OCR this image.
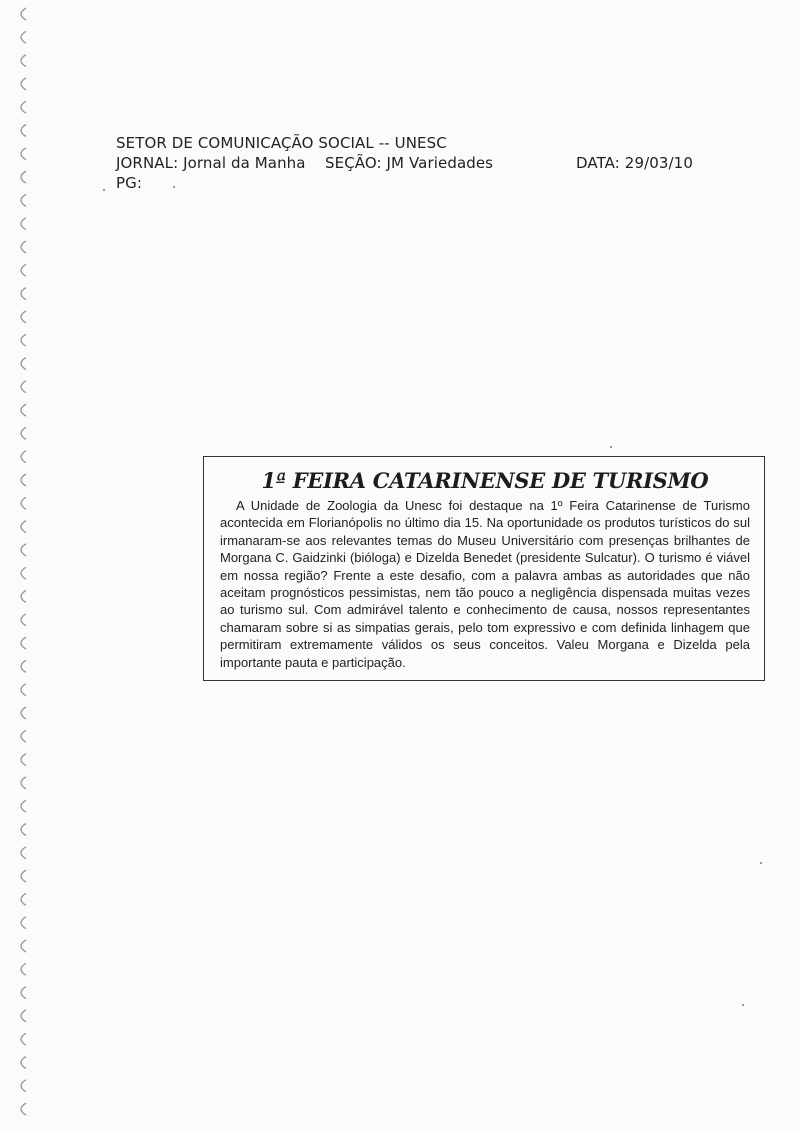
SETOR DE COMUNICAÇÃO SOCIAL -- UNESC
JORNAL: Jornal da Manha SEÇÃO: JM Variedades	DATA: 29/03/10
PG:
1ª FEIRA CATARINENSE DE TURISMO

A Unidade de Zoologia da Unesc foi destaque na 1º Feira Catarinense de Turismo acontecida em Florianópolis no último dia 15. Na oportunidade os produtos turísticos do sul irmanaram-se aos relevantes temas do Museu Universitário com presenças brilhantes de Morgana C. Gaidzinki (bióloga) e Dizelda Benedet (presidente Sulcatur). O turismo é viável em nossa região? Frente a este desafio, com a palavra ambas as autoridades que não aceitam prognósticos pessimistas, nem tão pouco a negligência dispensada muitas vezes ao turismo sul. Com admirável talento e conhecimento de causa, nossos representantes chamaram sobre si as simpatias gerais, pelo tom expressivo e com definida linhagem que permitiram extremamente válidos os seus conceitos. Valeu Morgana e Dizelda pela importante pauta e participação.
